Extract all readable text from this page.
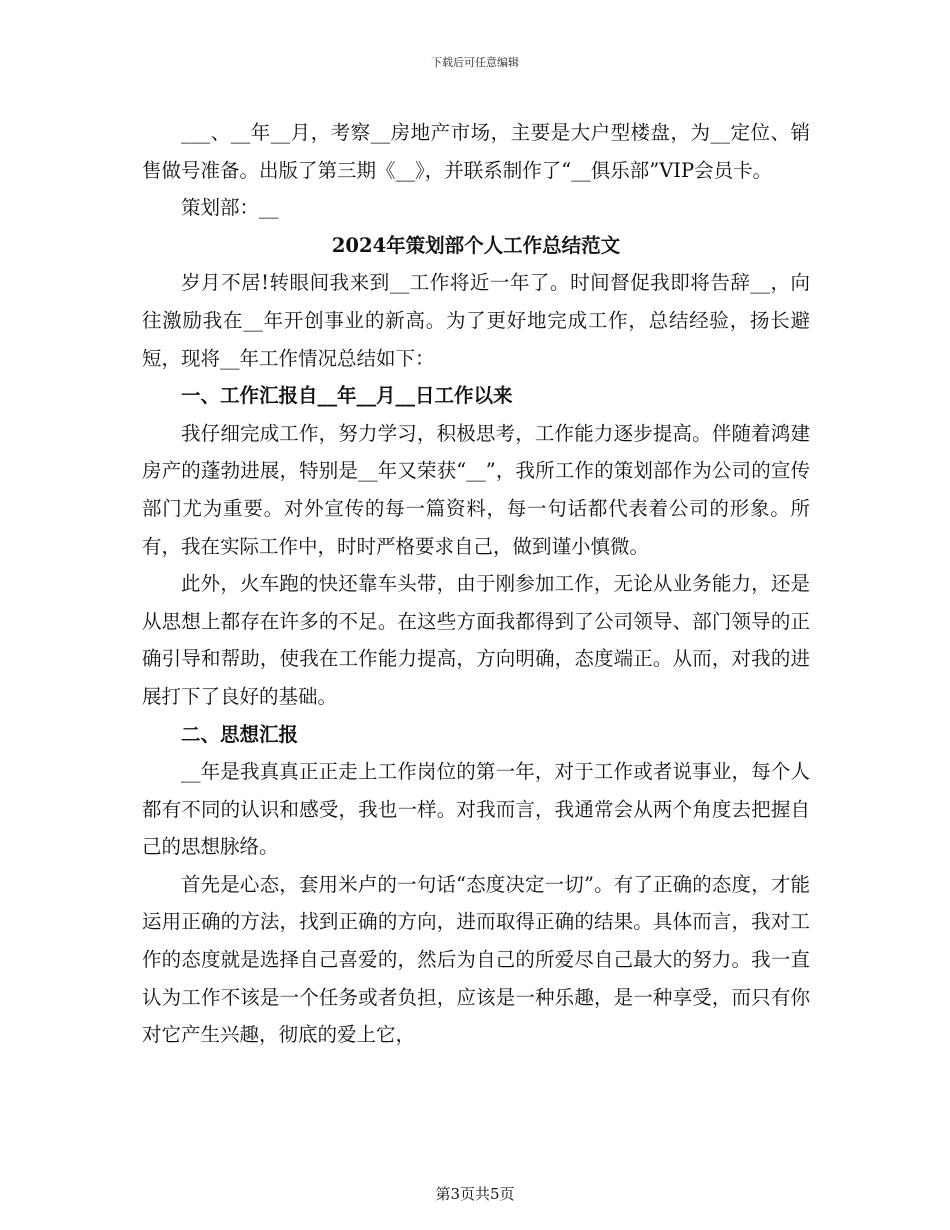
下载后可任意编辑

___、__年__月，考察__房地产市场，主要是大户型楼盘，为__定位、销售做号准备。出版了第三期《__》，并联系制作了“__俱乐部”VIP会员卡。

策划部：__

2024年策划部个人工作总结范文

岁月不居!转眼间我来到__工作将近一年了。时间督促我即将告辞__，向往激励我在__年开创事业的新高。为了更好地完成工作，总结经验，扬长避短，现将__年工作情况总结如下：

一、工作汇报自__年__月__日工作以来

我仔细完成工作，努力学习，积极思考，工作能力逐步提高。伴随着鸿建房产的蓬勃进展，特别是__年又荣获“__”，我所工作的策划部作为公司的宣传部门尤为重要。对外宣传的每一篇资料，每一句话都代表着公司的形象。所有，我在实际工作中，时时严格要求自己，做到谨小慎微。

此外，火车跑的快还靠车头带，由于刚参加工作，无论从业务能力，还是从思想上都存在许多的不足。在这些方面我都得到了公司领导、部门领导的正确引导和帮助，使我在工作能力提高，方向明确，态度端正。从而，对我的进展打下了良好的基础。

二、思想汇报

__年是我真真正正走上工作岗位的第一年，对于工作或者说事业，每个人都有不同的认识和感受，我也一样。对我而言，我通常会从两个角度去把握自己的思想脉络。

首先是心态，套用米卢的一句话“态度决定一切”。有了正确的态度，才能运用正确的方法，找到正确的方向，进而取得正确的结果。具体而言，我对工作的态度就是选择自己喜爱的，然后为自己的所爱尽自己最大的努力。我一直认为工作不该是一个任务或者负担，应该是一种乐趣，是一种享受，而只有你对它产生兴趣，彻底的爱上它，

第3页共5页
